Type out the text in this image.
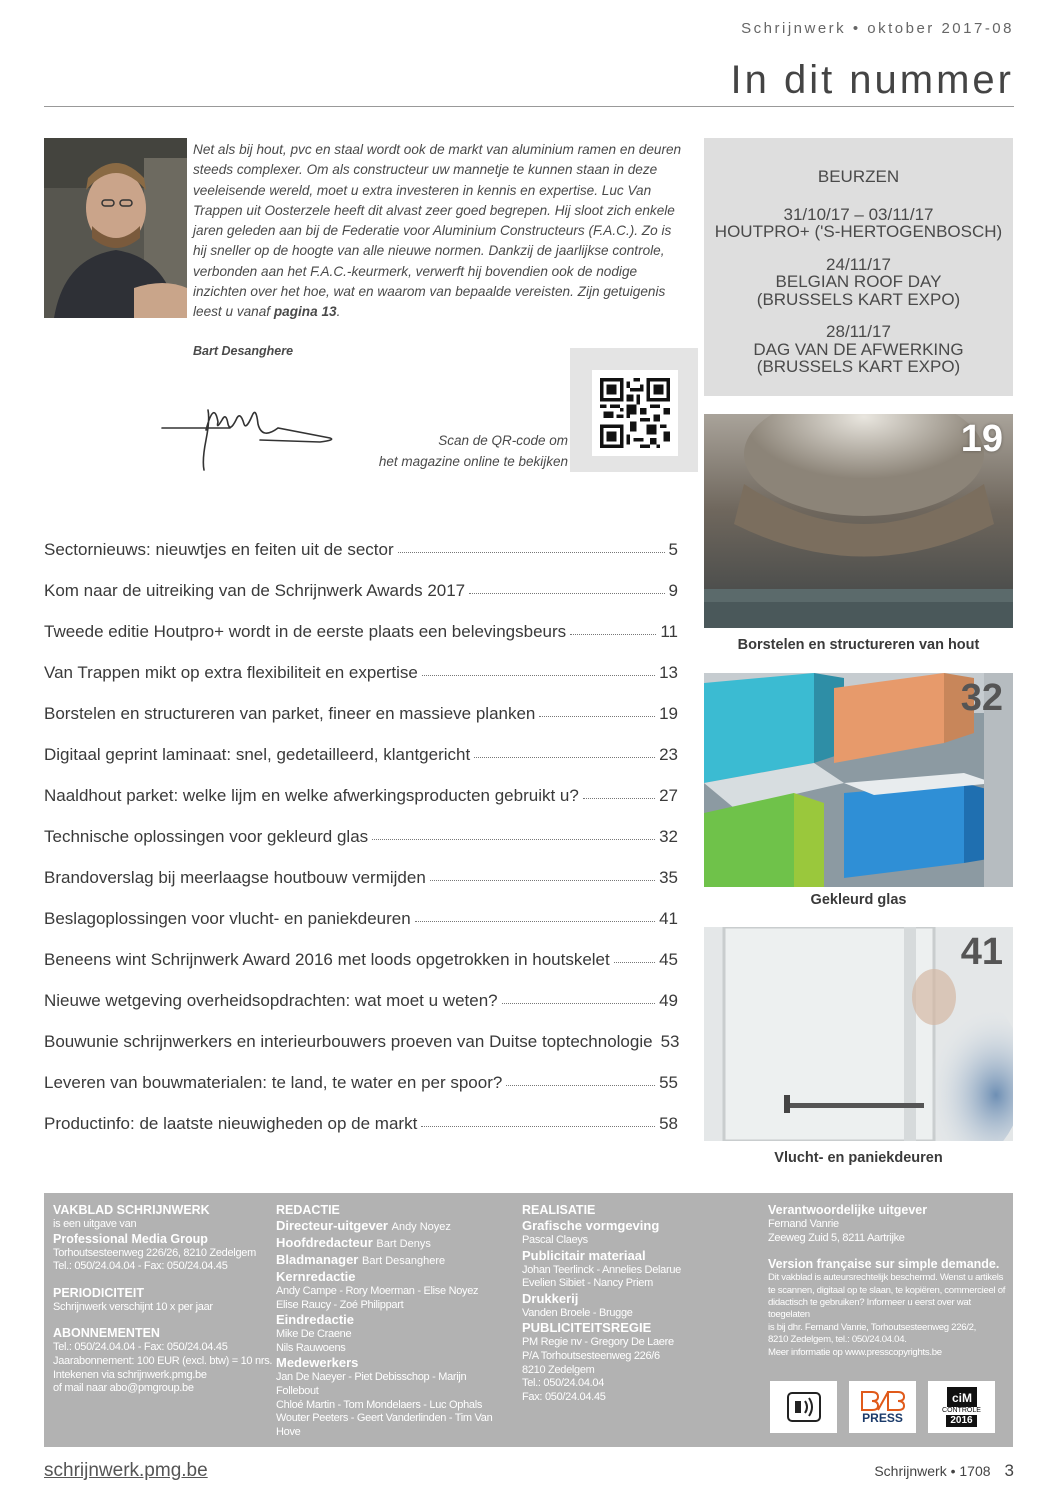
Schrijnwerk • oktober 2017-08
In dit nummer

Net als bij hout, pvc en staal wordt ook de markt van aluminium ramen en deuren steeds complexer. Om als constructeur uw mannetje te kunnen staan in deze veeleisende wereld, moet u extra investeren in kennis en expertise. Luc Van Trappen uit Oosterzele heeft dit alvast zeer goed begrepen. Hij sloot zich enkele jaren geleden aan bij de Federatie voor Aluminium Constructeurs (F.A.C.). Zo is hij sneller op de hoogte van alle nieuwe normen. Dankzij de jaarlijkse controle, verbonden aan het F.A.C.-keurmerk, verwerft hij bovendien ook de nodige inzichten over het hoe, wat en waarom van bepaalde vereisten. Zijn getuigenis leest u vanaf pagina 13.

Bart Desanghere
Scan de QR-code om
het magazine online te bekijken
BEURZEN
31/10/17 – 03/11/17
HOUTPRO+ ('S-HERTOGENBOSCH)
24/11/17
BELGIAN ROOF DAY
(BRUSSELS KART EXPO)
28/11/17
DAG VAN DE AFWERKING
(BRUSSELS KART EXPO)
Sectornieuws: nieuwtjes en feiten uit de sector	5
Kom naar de uitreiking van de Schrijnwerk Awards 2017	9
Tweede editie Houtpro+ wordt in de eerste plaats een belevingsbeurs	11
Van Trappen mikt op extra flexibiliteit en expertise	13
Borstelen en structureren van parket, fineer en massieve planken	19
Digitaal geprint laminaat: snel, gedetailleerd, klantgericht	23
Naaldhout parket: welke lijm en welke afwerkingsproducten gebruikt u?	27
Technische oplossingen voor gekleurd glas	32
Brandoverslag bij meerlaagse houtbouw vermijden	35
Beslagoplossingen voor vlucht- en paniekdeuren	41
Beneens wint Schrijnwerk Award 2016 met loods opgetrokken in houtskelet	45
Nieuwe wetgeving overheidsopdrachten: wat moet u weten?	49
Bouwunie schrijnwerkers en interieurbouwers proeven van Duitse toptechnologie 53
Leveren van bouwmaterialen: te land, te water en per spoor?	55
Productinfo: de laatste nieuwigheden op de markt	58
19
Borstelen en structureren van hout
32
Gekleurd glas
41
Vlucht- en paniekdeuren
VAKBLAD SCHRIJNWERK
is een uitgave van
Professional Media Group
Torhoutsesteenweg 226/26, 8210 Zedelgem
Tel.: 050/24.04.04 - Fax: 050/24.04.45
PERIODICITEIT
Schrijnwerk verschijnt 10 x per jaar
ABONNEMENTEN
Tel.: 050/24.04.04 - Fax: 050/24.04.45
Jaarabonnement: 100 EUR (excl. btw) = 10 nrs.
Intekenen via schrijnwerk.pmg.be
of mail naar abo@pmgroup.be
REDACTIE
Directeur-uitgever Andy Noyez
Hoofdredacteur Bart Denys
Bladmanager Bart Desanghere
Kernredactie
Andy Campe - Rory Moerman - Elise Noyez
Elise Raucy - Zoé Philippart
Eindredactie
Mike De Craene
Nils Rauwoens
Medewerkers
Jan De Naeyer - Piet Debisschop - Marijn Follebout
Chloé Martin - Tom Mondelaers - Luc Ophals
Wouter Peeters - Geert Vanderlinden - Tim Van Hove
REALISATIE
Grafische vormgeving
Pascal Claeys
Publicitair materiaal
Johan Teerlinck - Annelies Delarue
Evelien Sibiet - Nancy Priem
Drukkerij
Vanden Broele - Brugge
PUBLICITEITSREGIE
PM Regie nv - Gregory De Laere
P/A Torhoutsesteenweg 226/6
8210 Zedelgem
Tel.: 050/24.04.04
Fax: 050/24.04.45
Verantwoordelijke uitgever
Fernand Vanrie
Zeeweg Zuid 5, 8211 Aartrijke
Version française sur simple demande.
Dit vakblad is auteursrechtelijk beschermd. Wenst u artikels
te scannen, digitaal op te slaan, te kopiëren, commercieel of
didactisch te gebruiken? Informeer u eerst over wat toegelaten
is bij dhr. Fernand Vanrie, Torhoutsesteenweg 226/2,
8210 Zedelgem, tel.: 050/24.04.04.
Meer informatie op www.presscopyrights.be
PRESS
ciM
CONTROLE
2016
schrijnwerk.pmg.be	Schrijnwerk • 1708 3
